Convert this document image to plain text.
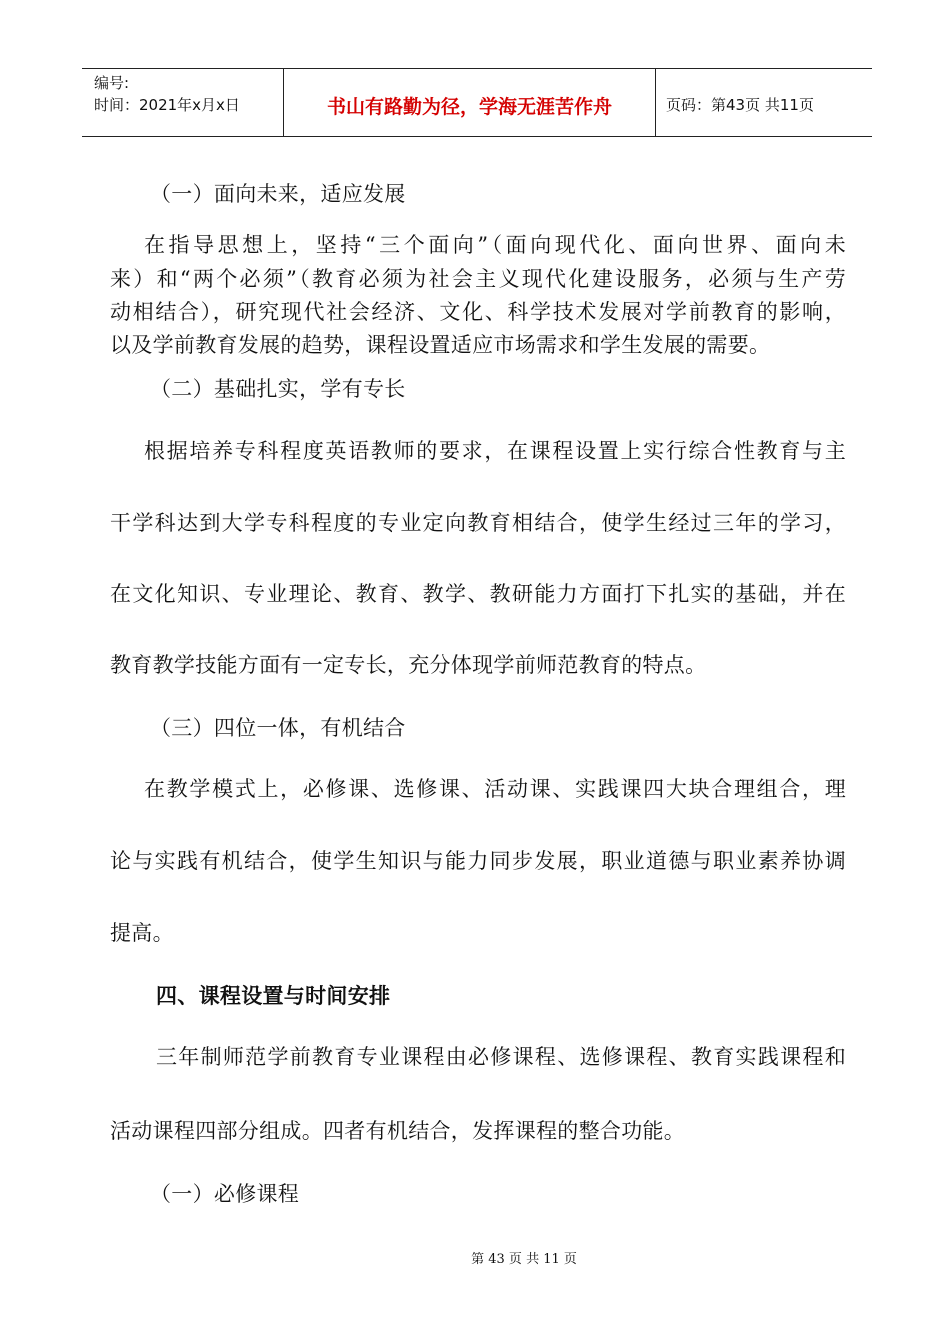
编号:
时间：2021年x月x日	书山有路勤为径，学海无涯苦作舟	页码：第43页 共11页
（一）面向未来，适应发展
在指导思想上，坚持“三个面向”（面向现代化、面向世界、面向未
来）和“两个必须”（教育必须为社会主义现代化建设服务，必须与生产劳
动相结合），研究现代社会经济、文化、科学技术发展对学前教育的影响，
以及学前教育发展的趋势，课程设置适应市场需求和学生发展的需要。
（二）基础扎实，学有专长
根据培养专科程度英语教师的要求，在课程设置上实行综合性教育与主
干学科达到大学专科程度的专业定向教育相结合，使学生经过三年的学习，
在文化知识、专业理论、教育、教学、教研能力方面打下扎实的基础，并在
教育教学技能方面有一定专长，充分体现学前师范教育的特点。
（三）四位一体，有机结合
在教学模式上，必修课、选修课、活动课、实践课四大块合理组合，理
论与实践有机结合，使学生知识与能力同步发展，职业道德与职业素养协调
提高。
四、课程设置与时间安排
三年制师范学前教育专业课程由必修课程、选修课程、教育实践课程和
活动课程四部分组成。四者有机结合，发挥课程的整合功能。
（一）必修课程
第 43 页 共 11 页
